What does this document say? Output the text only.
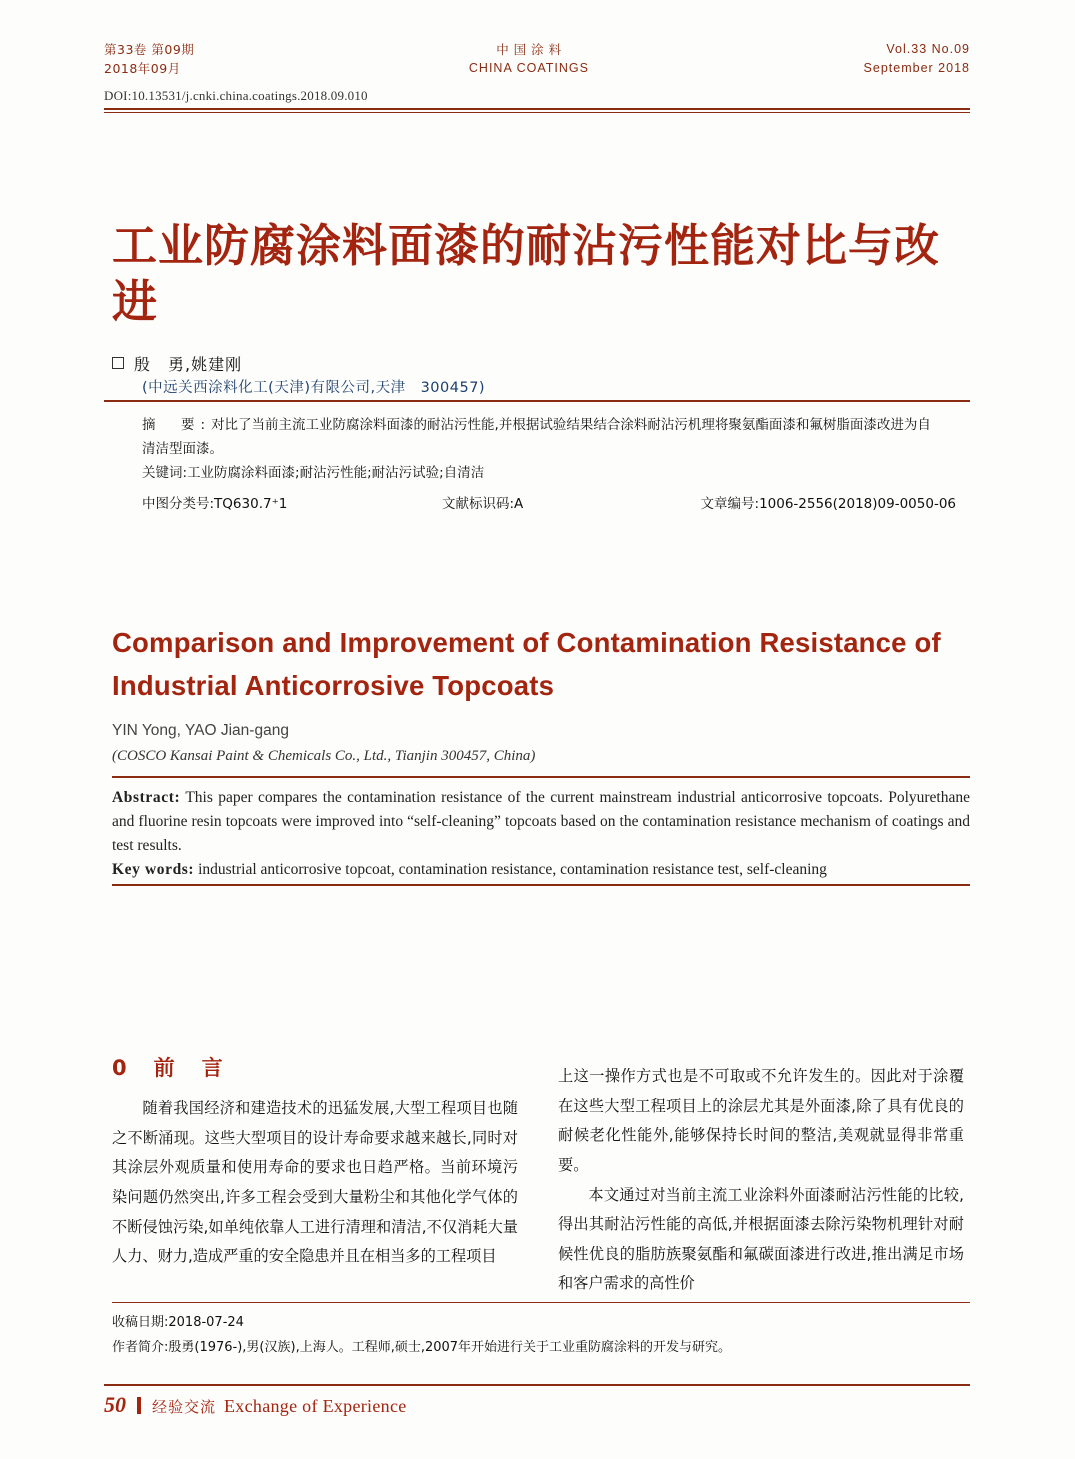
第33卷 第09期
2018年09月
中 国 涂 料
CHINA COATINGS
Vol.33 No.09
September 2018
DOI:10.13531/j.cnki.china.coatings.2018.09.010
工业防腐涂料面漆的耐沾污性能对比与改进
殷　勇,姚建刚
(中远关西涂料化工(天津)有限公司,天津　300457)
摘　要:对比了当前主流工业防腐涂料面漆的耐沾污性能,并根据试验结果结合涂料耐沾污机理将聚氨酯面漆和氟树脂面漆改进为自清洁型面漆。
关键词:工业防腐涂料面漆;耐沾污性能;耐沾污试验;自清洁
中图分类号:TQ630.7⁺1	文献标识码:A	文章编号:1006-2556(2018)09-0050-06
Comparison and Improvement of Contamination Resistance of Industrial Anticorrosive Topcoats
YIN Yong, YAO Jian-gang
(COSCO Kansai Paint & Chemicals Co., Ltd., Tianjin 300457, China)
Abstract: This paper compares the contamination resistance of the current mainstream industrial anticorrosive topcoats. Polyurethane and fluorine resin topcoats were improved into “self-cleaning” topcoats based on the contamination resistance mechanism of coatings and test results.
Key words: industrial anticorrosive topcoat, contamination resistance, contamination resistance test, self-cleaning
0　前　言

随着我国经济和建造技术的迅猛发展,大型工程项目也随之不断涌现。这些大型项目的设计寿命要求越来越长,同时对其涂层外观质量和使用寿命的要求也日趋严格。当前环境污染问题仍然突出,许多工程会受到大量粉尘和其他化学气体的不断侵蚀污染,如单纯依靠人工进行清理和清洁,不仅消耗大量人力、财力,造成严重的安全隐患并且在相当多的工程项目

上这一操作方式也是不可取或不允许发生的。因此对于涂覆在这些大型工程项目上的涂层尤其是外面漆,除了具有优良的耐候老化性能外,能够保持长时间的整洁,美观就显得非常重要。

本文通过对当前主流工业涂料外面漆耐沾污性能的比较,得出其耐沾污性能的高低,并根据面漆去除污染物机理针对耐候性优良的脂肪族聚氨酯和氟碳面漆进行改进,推出满足市场和客户需求的高性价

收稿日期:2018-07-24
作者简介:殷勇(1976-),男(汉族),上海人。工程师,硕士,2007年开始进行关于工业重防腐涂料的开发与研究。
50 经验交流 Exchange of Experience
